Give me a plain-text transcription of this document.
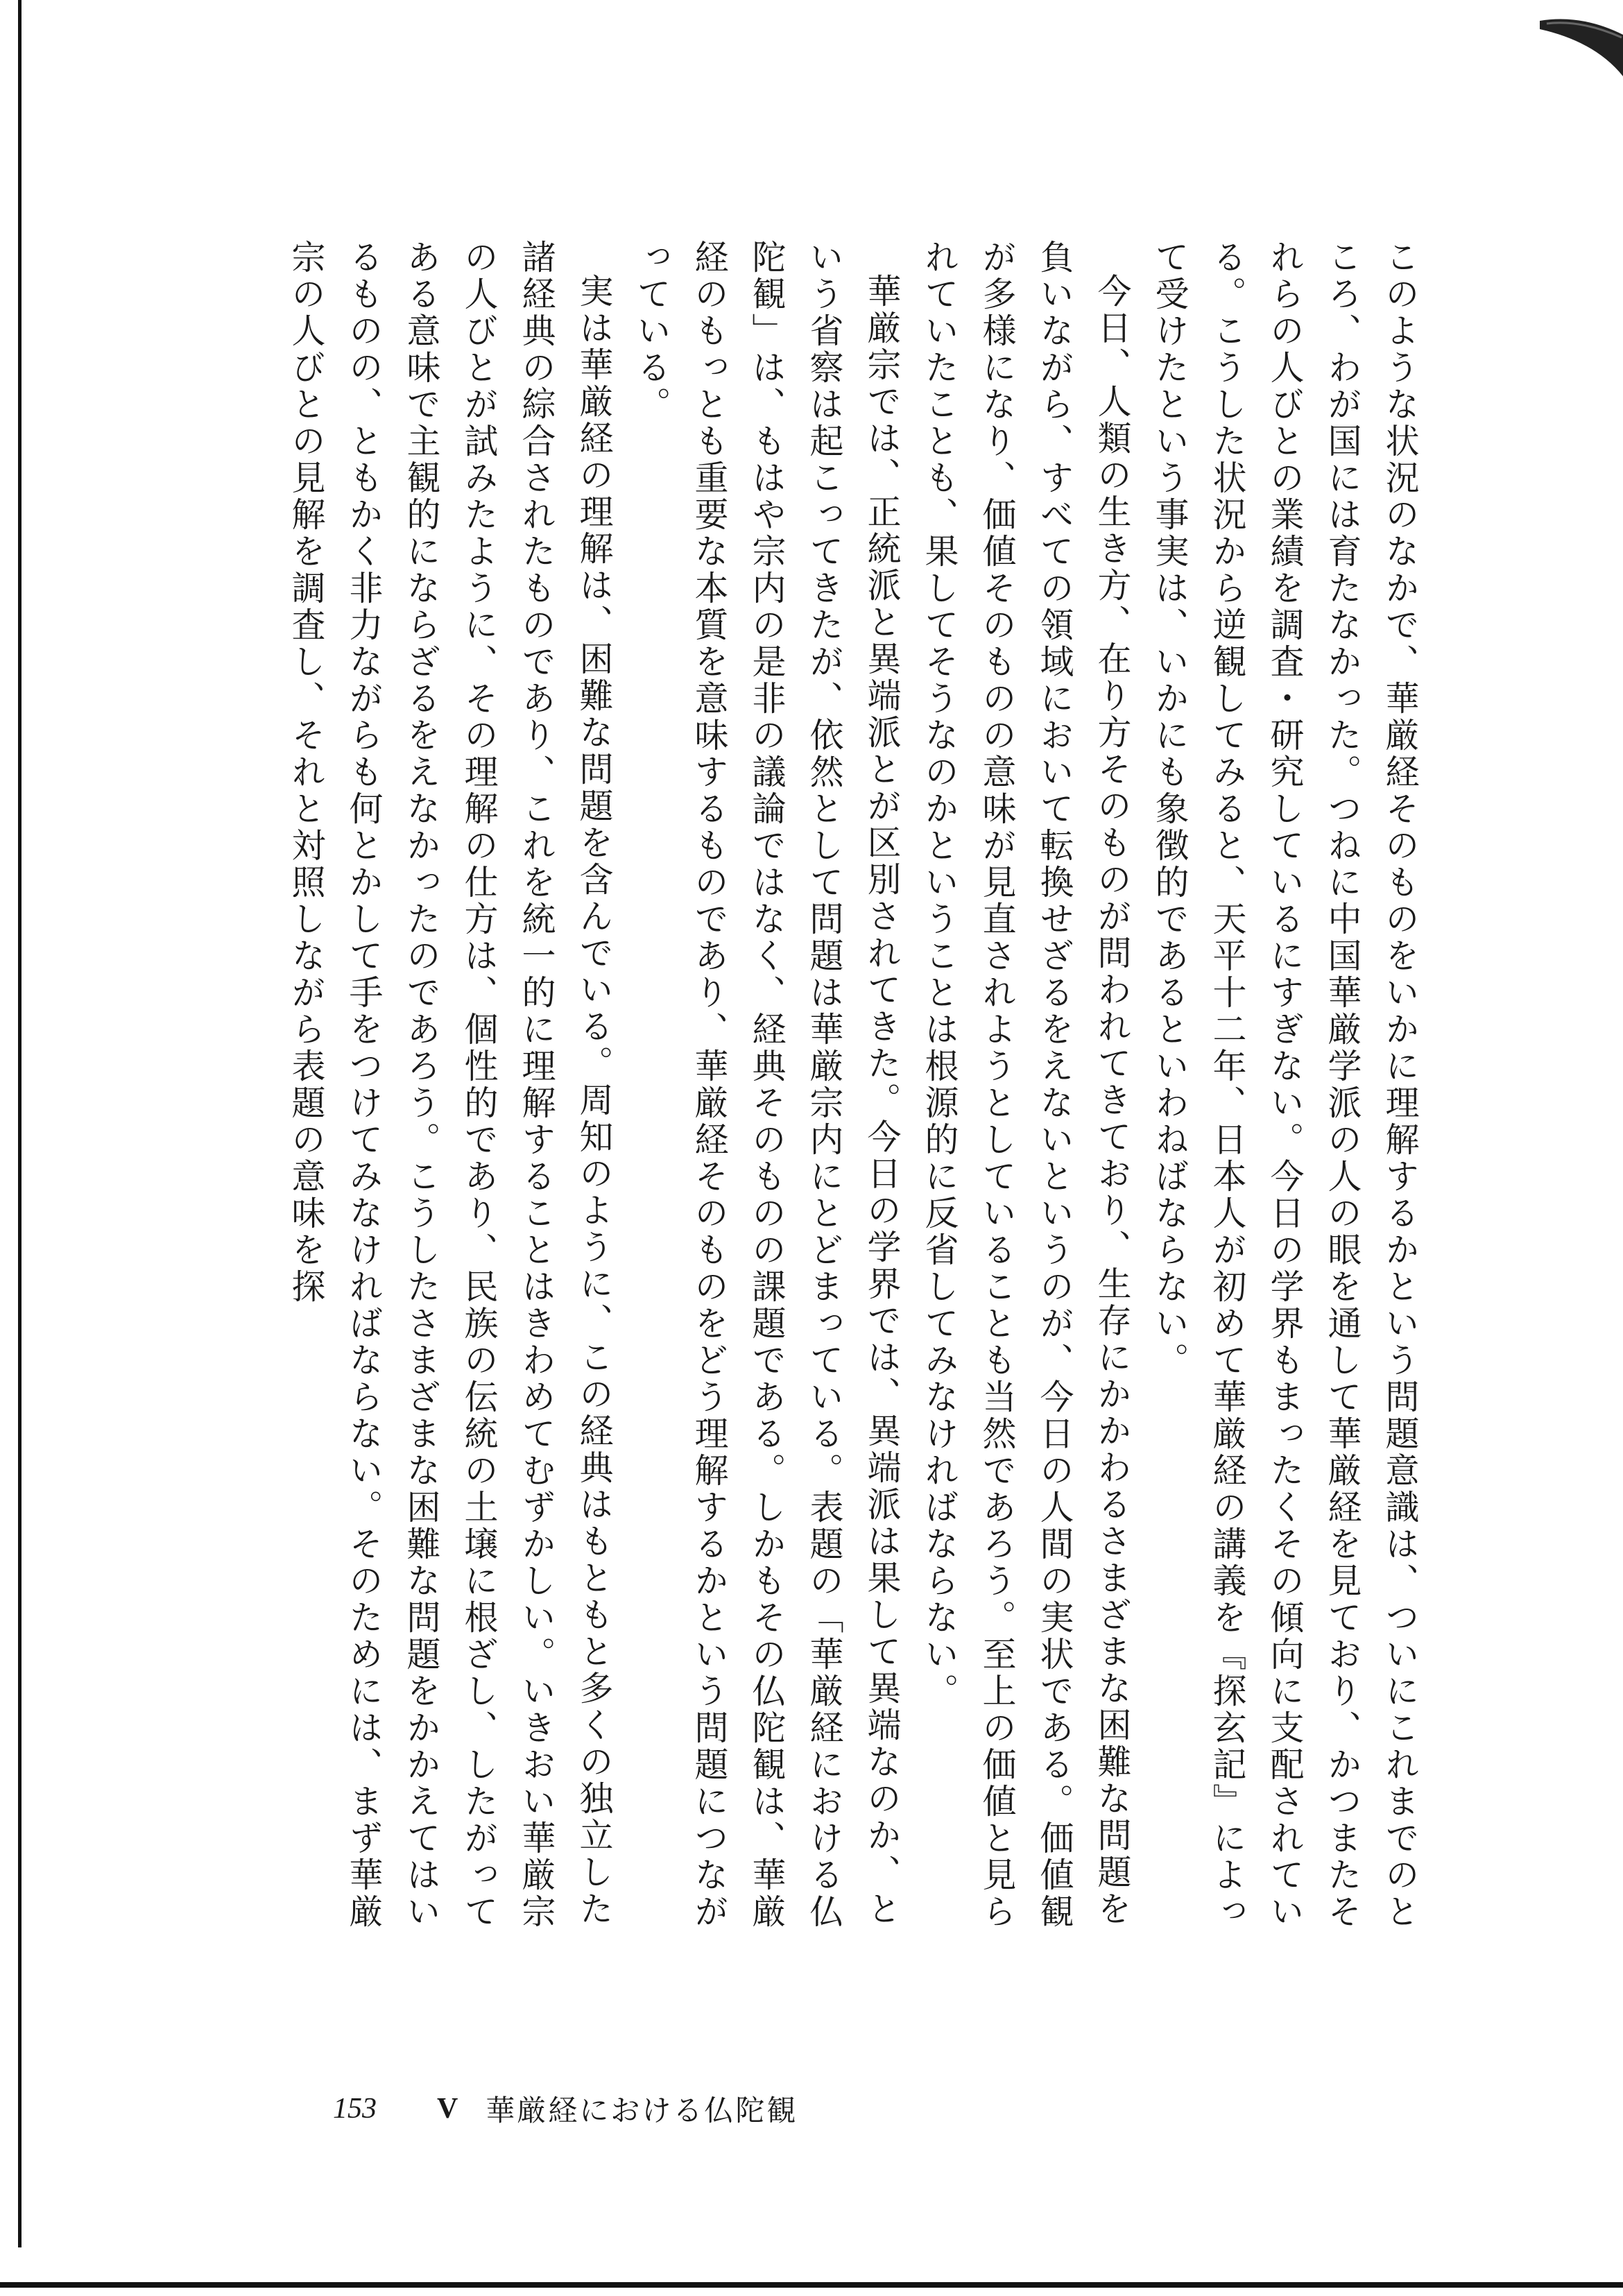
このような状況のなかで、華厳経そのものをいかに理解するかという問題意識は、ついにこれまでのところ、わが国には育たなかった。つねに中国華厳学派の人の眼を通して華厳経を見ており、かつまたそれらの人びとの業績を調査・研究しているにすぎない。今日の学界もまったくその傾向に支配されている。こうした状況から逆観してみると、天平十二年、日本人が初めて華厳経の講義を『探玄記』によって受けたという事実は、いかにも象徴的であるといわねばならない。

今日、人類の生き方、在り方そのものが問われてきており、生存にかかわるさまざまな困難な問題を負いながら、すべての領域において転換せざるをえないというのが、今日の人間の実状である。価値観が多様になり、価値そのものの意味が見直されようとしていることも当然であろう。至上の価値と見られていたことも、果してそうなのかということは根源的に反省してみなければならない。

華厳宗では、正統派と異端派とが区別されてきた。今日の学界では、異端派は果して異端なのか、という省察は起こってきたが、依然として問題は華厳宗内にとどまっている。表題の「華厳経における仏陀観」は、もはや宗内の是非の議論ではなく、経典そのものの課題である。しかもその仏陀観は、華厳経のもっとも重要な本質を意味するものであり、華厳経そのものをどう理解するかという問題につながっている。

実は華厳経の理解は、困難な問題を含んでいる。周知のように、この経典はもともと多くの独立した諸経典の綜合されたものであり、これを統一的に理解することはきわめてむずかしい。いきおい華厳宗の人びとが試みたように、その理解の仕方は、個性的であり、民族の伝統の土壌に根ざし、したがってある意味で主観的にならざるをえなかったのであろう。こうしたさまざまな困難な問題をかかえてはいるものの、ともかく非力ながらも何とかして手をつけてみなければならない。そのためには、まず華厳宗の人びとの見解を調査し、それと対照しながら表題の意味を探

153	V 華厳経における仏陀観
